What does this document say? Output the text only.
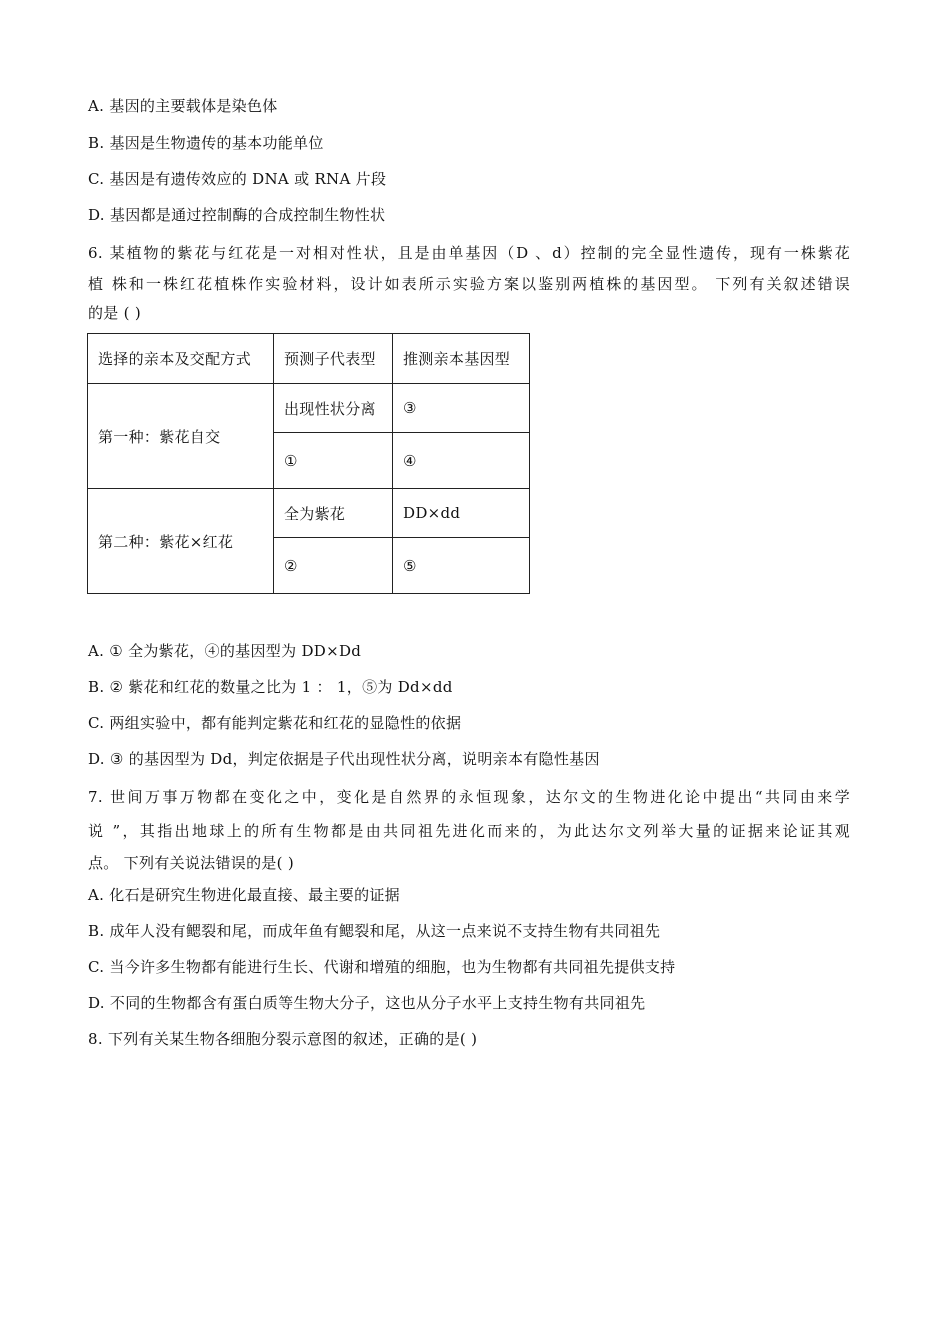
A. 基因的主要载体是染色体
B. 基因是生物遗传的基本功能单位
C. 基因是有遗传效应的 DNA 或 RNA 片段
D. 基因都是通过控制酶的合成控制生物性状
6. 某植物的紫花与红花是一对相对性状，且是由单基因（D 、d）控制的完全显性遗传，现有一株紫花
植 株和一株红花植株作实验材料，设计如表所示实验方案以鉴别两植株的基因型。 下列有关叙述错误
的是 ( )
选择的亲本及交配方式	预测子代表型	推测亲本基因型
第一种：紫花自交	出现性状分离	③
	①	④
第二种：紫花×红花	全为紫花	DD×dd
	②	⑤
A. ① 全为紫花，④的基因型为 DD×Dd
B. ② 紫花和红花的数量之比为 1 ： 1，⑤为 Dd×dd
C. 两组实验中，都有能判定紫花和红花的显隐性的依据
D. ③ 的基因型为 Dd，判定依据是子代出现性状分离，说明亲本有隐性基因
7. 世间万事万物都在变化之中，变化是自然界的永恒现象，达尔文的生物进化论中提出“共同由来学
说 ”，其指出地球上的所有生物都是由共同祖先进化而来的，为此达尔文列举大量的证据来论证其观
点。 下列有关说法错误的是( )
A. 化石是研究生物进化最直接、最主要的证据
B. 成年人没有鳃裂和尾，而成年鱼有鳃裂和尾，从这一点来说不支持生物有共同祖先
C. 当今许多生物都有能进行生长、代谢和增殖的细胞，也为生物都有共同祖先提供支持
D. 不同的生物都含有蛋白质等生物大分子，这也从分子水平上支持生物有共同祖先
8. 下列有关某生物各细胞分裂示意图的叙述，正确的是( )
